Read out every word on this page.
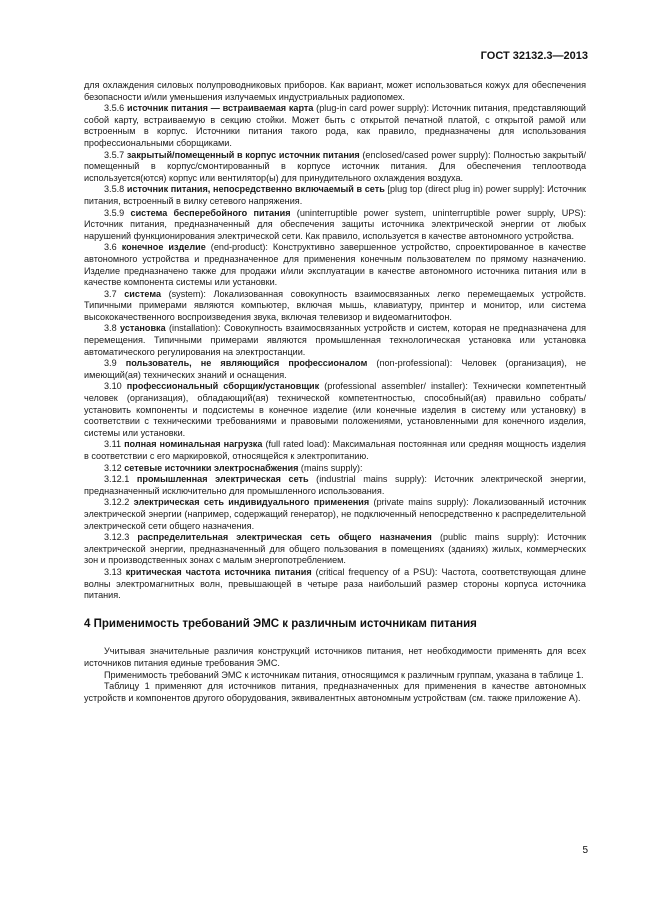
ГОСТ 32132.3—2013

для охлаждения силовых полупроводниковых приборов. Как вариант, может использоваться кожух для обеспечения безопасности и/или уменьшения излучаемых индустриальных радиопомех.

3.5.6 источник питания — встраиваемая карта (plug-in card power supply): Источник питания, представляющий собой карту, встраиваемую в секцию стойки. Может быть с открытой печатной платой, с открытой рамой или встроенным в корпус. Источники питания такого рода, как правило, предназначены для использования профессиональными сборщиками.

3.5.7 закрытый/помещенный в корпус источник питания (enclosed/cased power supply): Полностью закрытый/помещенный в корпус/смонтированный в корпусе источник питания. Для обеспечения теплоотвода используется(ются) корпус или вентилятор(ы) для принудительного охлаждения воздуха.

3.5.8 источник питания, непосредственно включаемый в сеть [plug top (direct plug in) power supply]: Источник питания, встроенный в вилку сетевого напряжения.

3.5.9 система бесперебойного питания (uninterruptible power system, uninterruptible power supply, UPS): Источник питания, предназначенный для обеспечения защиты источника электрической энергии от любых нарушений функционирования электрической сети. Как правило, используется в качестве автономного устройства.

3.6 конечное изделие (end-product): Конструктивно завершенное устройство, спроектированное в качестве автономного устройства и предназначенное для применения конечным пользователем по прямому назначению. Изделие предназначено также для продажи и/или эксплуатации в качестве автономного источника питания или в качестве компонента системы или установки.

3.7 система (system): Локализованная совокупность взаимосвязанных легко перемещаемых устройств. Типичными примерами являются компьютер, включая мышь, клавиатуру, принтер и монитор, или система высококачественного воспроизведения звука, включая телевизор и видеомагнитофон.

3.8 установка (installation): Совокупность взаимосвязанных устройств и систем, которая не предназначена для перемещения. Типичными примерами являются промышленная технологическая установка или установка автоматического регулирования на электростанции.

3.9 пользователь, не являющийся профессионалом (non-professional): Человек (организация), не имеющий(ая) технических знаний и оснащения.

3.10 профессиональный сборщик/установщик (professional assembler/ installer): Технически компетентный человек (организация), обладающий(ая) технической компетентностью, способный(ая) правильно собрать/установить компоненты и подсистемы в конечное изделие (или конечные изделия в систему или установку) в соответствии с техническими требованиями и правовыми положениями, установленными для конечного изделия, системы или установки.

3.11 полная номинальная нагрузка (full rated load): Максимальная постоянная или средняя мощность изделия в соответствии с его маркировкой, относящейся к электропитанию.

3.12 сетевые источники электроснабжения (mains supply):

3.12.1 промышленная электрическая сеть (industrial mains supply): Источник электрической энергии, предназначенный исключительно для промышленного использования.

3.12.2 электрическая сеть индивидуального применения (private mains supply): Локализованный источник электрической энергии (например, содержащий генератор), не подключенный непосредственно к распределительной электрической сети общего назначения.

3.12.3 распределительная электрическая сеть общего назначения (public mains supply): Источник электрической энергии, предназначенный для общего пользования в помещениях (зданиях) жилых, коммерческих зон и производственных зонах с малым энергопотреблением.

3.13 критическая частота источника питания (critical frequency of a PSU): Частота, соответствующая длине волны электромагнитных волн, превышающей в четыре раза наибольший размер стороны корпуса источника питания.

4 Применимость требований ЭМС к различным источникам питания

Учитывая значительные различия конструкций источников питания, нет необходимости применять для всех источников питания единые требования ЭМС.

Применимость требований ЭМС к источникам питания, относящимся к различным группам, указана в таблице 1.

Таблицу 1 применяют для источников питания, предназначенных для применения в качестве автономных устройств и компонентов другого оборудования, эквивалентных автономным устройствам (см. также приложение А).

5
